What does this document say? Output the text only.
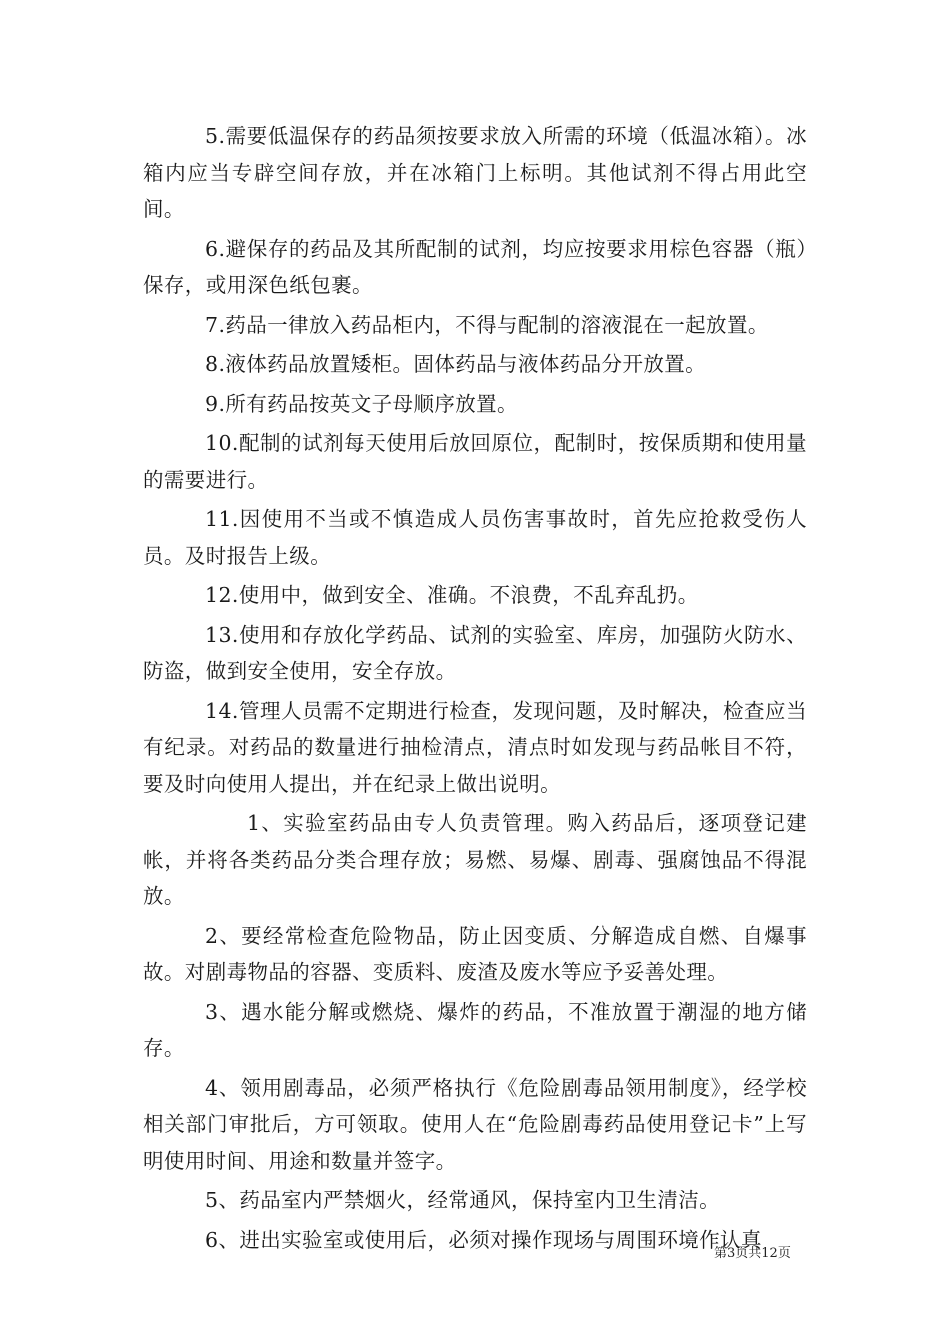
5.需要低温保存的药品须按要求放入所需的环境（低温冰箱）。冰箱内应当专辟空间存放，并在冰箱门上标明。其他试剂不得占用此空间。

6.避保存的药品及其所配制的试剂，均应按要求用棕色容器（瓶）保存，或用深色纸包裹。

7.药品一律放入药品柜内，不得与配制的溶液混在一起放置。

8.液体药品放置矮柜。固体药品与液体药品分开放置。

9.所有药品按英文子母顺序放置。

10.配制的试剂每天使用后放回原位，配制时，按保质期和使用量的需要进行。

11.因使用不当或不慎造成人员伤害事故时，首先应抢救受伤人员。及时报告上级。

12.使用中，做到安全、准确。不浪费，不乱弃乱扔。

13.使用和存放化学药品、试剂的实验室、库房，加强防火防水、防盗，做到安全使用，安全存放。

14.管理人员需不定期进行检查，发现问题，及时解决，检查应当有纪录。对药品的数量进行抽检清点，清点时如发现与药品帐目不符，要及时向使用人提出，并在纪录上做出说明。

1、实验室药品由专人负责管理。购入药品后，逐项登记建帐，并将各类药品分类合理存放；易燃、易爆、剧毒、强腐蚀品不得混放。

2、要经常检查危险物品，防止因变质、分解造成自燃、自爆事故。对剧毒物品的容器、变质料、废渣及废水等应予妥善处理。

3、遇水能分解或燃烧、爆炸的药品，不准放置于潮湿的地方储存。

4、领用剧毒品，必须严格执行《危险剧毒品领用制度》，经学校相关部门审批后，方可领取。使用人在“危险剧毒药品使用登记卡”上写明使用时间、用途和数量并签字。

5、药品室内严禁烟火，经常通风，保持室内卫生清洁。

6、进出实验室或使用后，必须对操作现场与周围环境作认真

第3页共12页
